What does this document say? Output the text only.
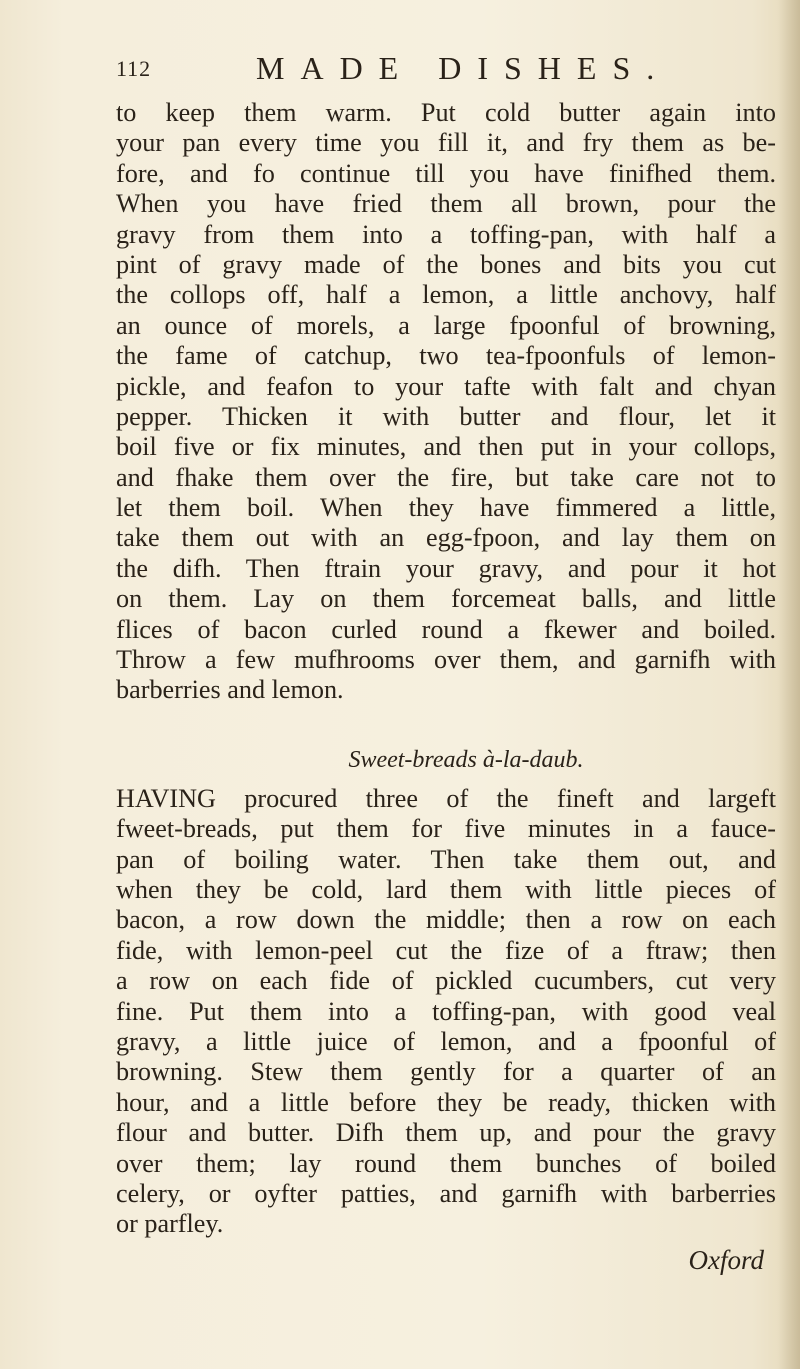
112	MADE DISHES.
to keep them warm. Put cold butter again into
your pan every time you fill it, and fry them as be-
fore, and fo continue till you have finifhed them.
When you have fried them all brown, pour the
gravy from them into a toffing-pan, with half a
pint of gravy made of the bones and bits you cut
the collops off, half a lemon, a little anchovy, half
an ounce of morels, a large fpoonful of browning,
the fame of catchup, two tea-fpoonfuls of lemon-
pickle, and feafon to your tafte with falt and chyan
pepper. Thicken it with butter and flour, let it
boil five or fix minutes, and then put in your collops,
and fhake them over the fire, but take care not to
let them boil. When they have fimmered a little,
take them out with an egg-fpoon, and lay them on
the difh. Then ftrain your gravy, and pour it hot
on them. Lay on them forcemeat balls, and little
flices of bacon curled round a fkewer and boiled.
Throw a few mufhrooms over them, and garnifh with
barberries and lemon.
Sweet-breads à-la-daub.
HAVING procured three of the fineft and largeft
fweet-breads, put them for five minutes in a fauce-
pan of boiling water. Then take them out, and
when they be cold, lard them with little pieces of
bacon, a row down the middle; then a row on each
fide, with lemon-peel cut the fize of a ftraw; then
a row on each fide of pickled cucumbers, cut very
fine. Put them into a toffing-pan, with good veal
gravy, a little juice of lemon, and a fpoonful of
browning. Stew them gently for a quarter of an
hour, and a little before they be ready, thicken with
flour and butter. Difh them up, and pour the gravy
over them; lay round them bunches of boiled
celery, or oyfter patties, and garnifh with barberries
or parfley.
Oxford
